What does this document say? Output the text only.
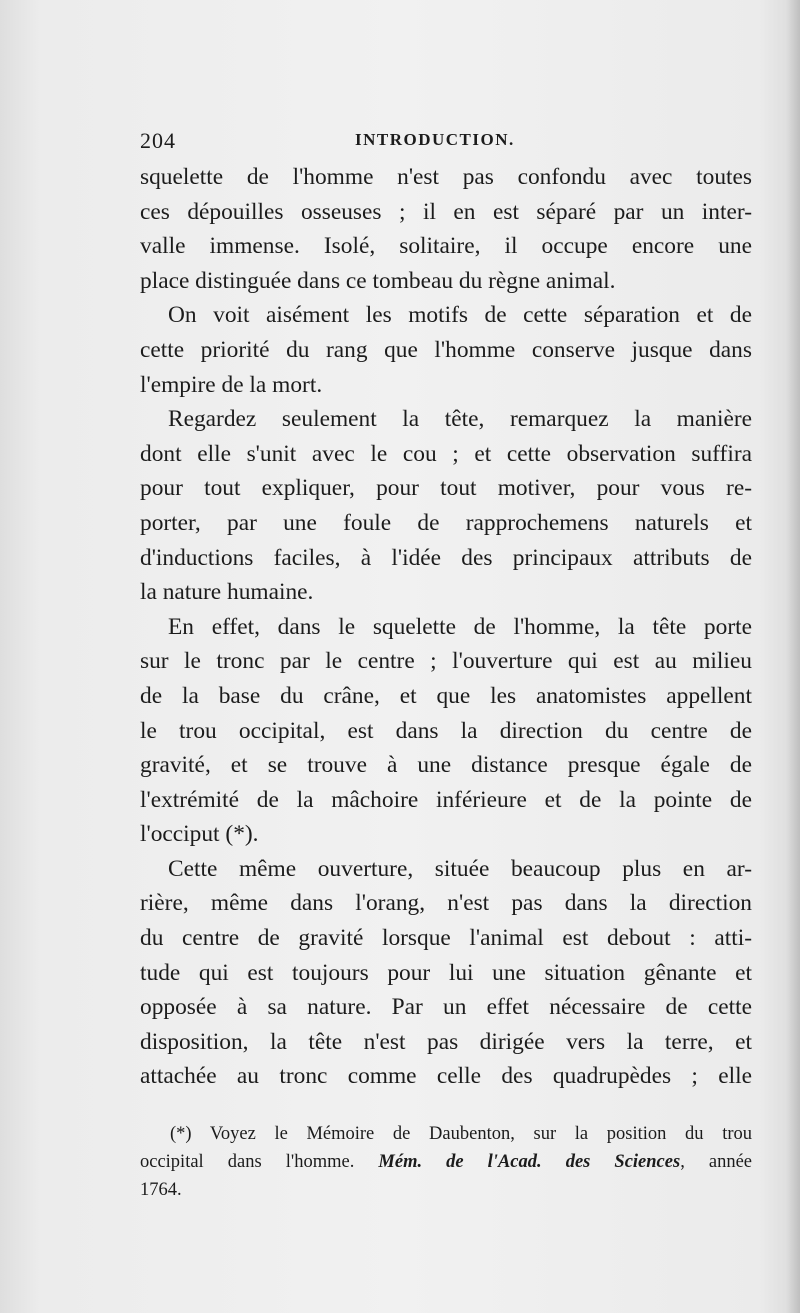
204	INTRODUCTION.
squelette de l'homme n'est pas confondu avec toutes
ces dépouilles osseuses ; il en est séparé par un inter-
valle immense. Isolé, solitaire, il occupe encore une
place distinguée dans ce tombeau du règne animal.
On voit aisément les motifs de cette séparation et de
cette priorité du rang que l'homme conserve jusque dans
l'empire de la mort.
Regardez seulement la tête, remarquez la manière
dont elle s'unit avec le cou ; et cette observation suffira
pour tout expliquer, pour tout motiver, pour vous re-
porter, par une foule de rapprochemens naturels et
d'inductions faciles, à l'idée des principaux attributs de
la nature humaine.
En effet, dans le squelette de l'homme, la tête porte
sur le tronc par le centre ; l'ouverture qui est au milieu
de la base du crâne, et que les anatomistes appellent
le trou occipital, est dans la direction du centre de
gravité, et se trouve à une distance presque égale de
l'extrémité de la mâchoire inférieure et de la pointe de
l'occiput (*).
Cette même ouverture, située beaucoup plus en ar-
rière, même dans l'orang, n'est pas dans la direction
du centre de gravité lorsque l'animal est debout : atti-
tude qui est toujours pour lui une situation gênante et
opposée à sa nature. Par un effet nécessaire de cette
disposition, la tête n'est pas dirigée vers la terre, et
attachée au tronc comme celle des quadrupèdes ; elle
(*) Voyez le Mémoire de Daubenton, sur la position du trou
occipital dans l'homme. Mém. de l'Acad. des Sciences, année
1764.
